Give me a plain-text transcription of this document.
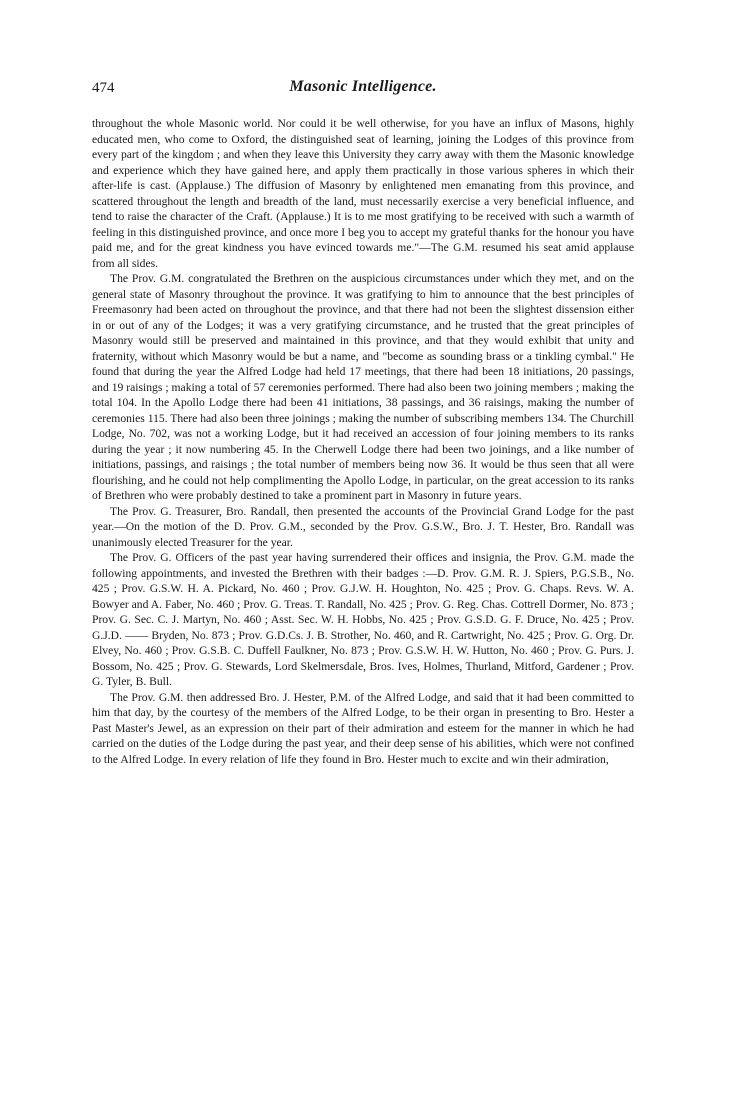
474	Masonic Intelligence.

throughout the whole Masonic world. Nor could it be well otherwise, for you have an influx of Masons, highly educated men, who come to Oxford, the distinguished seat of learning, joining the Lodges of this province from every part of the kingdom ; and when they leave this University they carry away with them the Masonic knowledge and experience which they have gained here, and apply them practically in those various spheres in which their after-life is cast. (Applause.) The diffusion of Masonry by enlightened men emanating from this province, and scattered throughout the length and breadth of the land, must necessarily exercise a very beneficial influence, and tend to raise the character of the Craft. (Applause.) It is to me most gratifying to be received with such a warmth of feeling in this distinguished province, and once more I beg you to accept my grateful thanks for the honour you have paid me, and for the great kindness you have evinced towards me."—The G.M. resumed his seat amid applause from all sides.

The Prov. G.M. congratulated the Brethren on the auspicious circumstances under which they met, and on the general state of Masonry throughout the province. It was gratifying to him to announce that the best principles of Freemasonry had been acted on throughout the province, and that there had not been the slightest dissension either in or out of any of the Lodges; it was a very gratifying circumstance, and he trusted that the great principles of Masonry would still be preserved and maintained in this province, and that they would exhibit that unity and fraternity, without which Masonry would be but a name, and "become as sounding brass or a tinkling cymbal." He found that during the year the Alfred Lodge had held 17 meetings, that there had been 18 initiations, 20 passings, and 19 raisings ; making a total of 57 ceremonies performed. There had also been two joining members ; making the total 104. In the Apollo Lodge there had been 41 initiations, 38 passings, and 36 raisings, making the number of ceremonies 115. There had also been three joinings ; making the number of subscribing members 134. The Churchill Lodge, No. 702, was not a working Lodge, but it had received an accession of four joining members to its ranks during the year ; it now numbering 45. In the Cherwell Lodge there had been two joinings, and a like number of initiations, passings, and raisings ; the total number of members being now 36. It would be thus seen that all were flourishing, and he could not help complimenting the Apollo Lodge, in particular, on the great accession to its ranks of Brethren who were probably destined to take a prominent part in Masonry in future years.

The Prov. G. Treasurer, Bro. Randall, then presented the accounts of the Provincial Grand Lodge for the past year.—On the motion of the D. Prov. G.M., seconded by the Prov. G.S.W., Bro. J. T. Hester, Bro. Randall was unanimously elected Treasurer for the year.

The Prov. G. Officers of the past year having surrendered their offices and insignia, the Prov. G.M. made the following appointments, and invested the Brethren with their badges :—D. Prov. G.M. R. J. Spiers, P.G.S.B., No. 425 ; Prov. G.S.W. H. A. Pickard, No. 460 ; Prov. G.J.W. H. Houghton, No. 425 ; Prov. G. Chaps. Revs. W. A. Bowyer and A. Faber, No. 460 ; Prov. G. Treas. T. Randall, No. 425 ; Prov. G. Reg. Chas. Cottrell Dormer, No. 873 ; Prov. G. Sec. C. J. Martyn, No. 460 ; Asst. Sec. W. H. Hobbs, No. 425 ; Prov. G.S.D. G. F. Druce, No. 425 ; Prov. G.J.D. —— Bryden, No. 873 ; Prov. G.D.Cs. J. B. Strother, No. 460, and R. Cartwright, No. 425 ; Prov. G. Org. Dr. Elvey, No. 460 ; Prov. G.S.B. C. Duffell Faulkner, No. 873 ; Prov. G.S.W. H. W. Hutton, No. 460 ; Prov. G. Purs. J. Bossom, No. 425 ; Prov. G. Stewards, Lord Skelmersdale, Bros. Ives, Holmes, Thurland, Mitford, Gardener ; Prov. G. Tyler, B. Bull.

The Prov. G.M. then addressed Bro. J. Hester, P.M. of the Alfred Lodge, and said that it had been committed to him that day, by the courtesy of the members of the Alfred Lodge, to be their organ in presenting to Bro. Hester a Past Master's Jewel, as an expression on their part of their admiration and esteem for the manner in which he had carried on the duties of the Lodge during the past year, and their deep sense of his abilities, which were not confined to the Alfred Lodge. In every relation of life they found in Bro. Hester much to excite and win their admiration,
